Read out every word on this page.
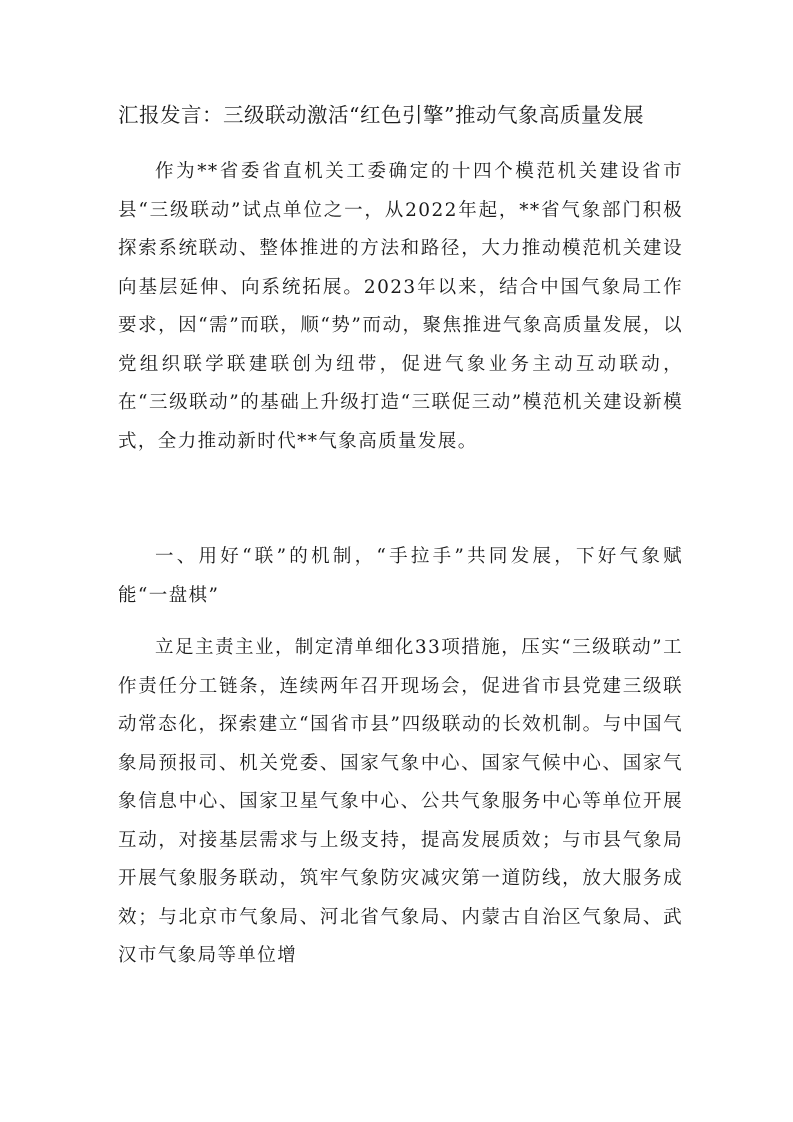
汇报发言：三级联动激活“红色引擎”推动气象高质量发展

作为**省委省直机关工委确定的十四个模范机关建设省市县“三级联动”试点单位之一，从2022年起，**省气象部门积极探索系统联动、整体推进的方法和路径，大力推动模范机关建设向基层延伸、向系统拓展。2023年以来，结合中国气象局工作要求，因“需”而联，顺“势”而动，聚焦推进气象高质量发展，以党组织联学联建联创为纽带，促进气象业务主动互动联动，在“三级联动”的基础上升级打造“三联促三动”模范机关建设新模式，全力推动新时代**气象高质量发展。

一、用好“联”的机制，“手拉手”共同发展，下好气象赋能“一盘棋”

立足主责主业，制定清单细化33项措施，压实“三级联动”工作责任分工链条，连续两年召开现场会，促进省市县党建三级联动常态化，探索建立“国省市县”四级联动的长效机制。与中国气象局预报司、机关党委、国家气象中心、国家气候中心、国家气象信息中心、国家卫星气象中心、公共气象服务中心等单位开展互动，对接基层需求与上级支持，提高发展质效；与市县气象局开展气象服务联动，筑牢气象防灾减灾第一道防线，放大服务成效；与北京市气象局、河北省气象局、内蒙古自治区气象局、武汉市气象局等单位增
